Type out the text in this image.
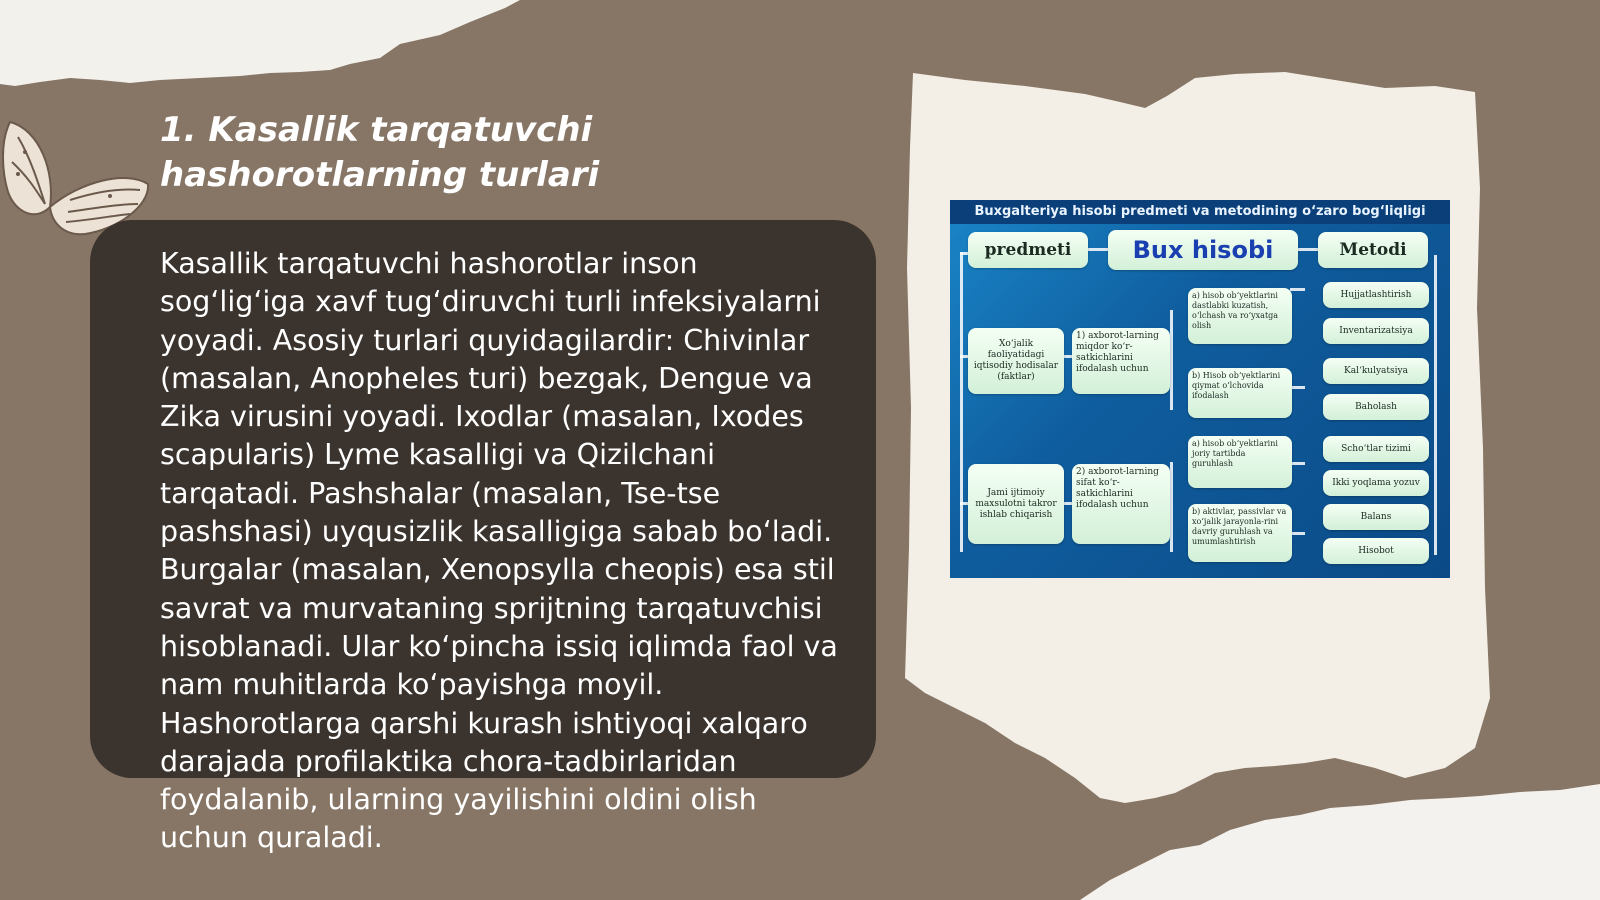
1. Kasallik tarqatuvchi hashorotlarning turlari
Kasallik tarqatuvchi hashorotlar inson sog‘lig‘iga xavf tug‘diruvchi turli infeksiyalarni yoyadi. Asosiy turlari quyidagilardir: Chivinlar (masalan, Anopheles turi) bezgak, Dengue va Zika virusini yoyadi. Ixodlar (masalan, Ixodes scapularis) Lyme kasalligi va Qizilchani tarqatadi. Pashshalar (masalan, Tse-tse pashshasi) uyqusizlik kasalligiga sabab bo‘ladi. Burgalar (masalan, Xenopsylla cheopis) esa stil savrat va murvataning sprijtning tarqatuvchisi hisoblanadi. Ular ko‘pincha issiq iqlimda faol va nam muhitlarda ko‘payishga moyil. Hashorotlarga qarshi kurash ishtiyoqi xalqaro darajada profilaktika chora-tadbirlaridan foydalanib, ularning yayilishini oldini olish uchun quraladi.
Buxgalteriya hisobi predmeti va metodining o‘zaro bog‘liqligi
predmeti	Bux hisobi	Metodi
Xo‘jalik faoliyatidagi iqtisodiy hodisalar (faktlar)
Jami ijtimoiy maxsulotni takror ishlab chiqarish
1) axborot-larning miqdor ko‘r-satkichlarini ifodalash uchun
2) axborot-larning sifat ko‘r-satkichlarini ifodalash uchun
a) hisob ob‘yektlarini dastlabki kuzatish, o‘lchash va ro‘yxatga olish
b) Hisob ob‘yektlarini qiymat o‘lchovida ifodalash
a) hisob ob‘yektlarini joriy tartibda guruhlash
b) aktivlar, passivlar va xo‘jalik jarayonla-rini davriy guruhlash va umumlashtirish
Hujjatlashtirish
Inventarizatsiya
Kal‘kulyatsiya
Baholash
Scho‘tlar tizimi
Ikki yoqlama yozuv
Balans
Hisobot
